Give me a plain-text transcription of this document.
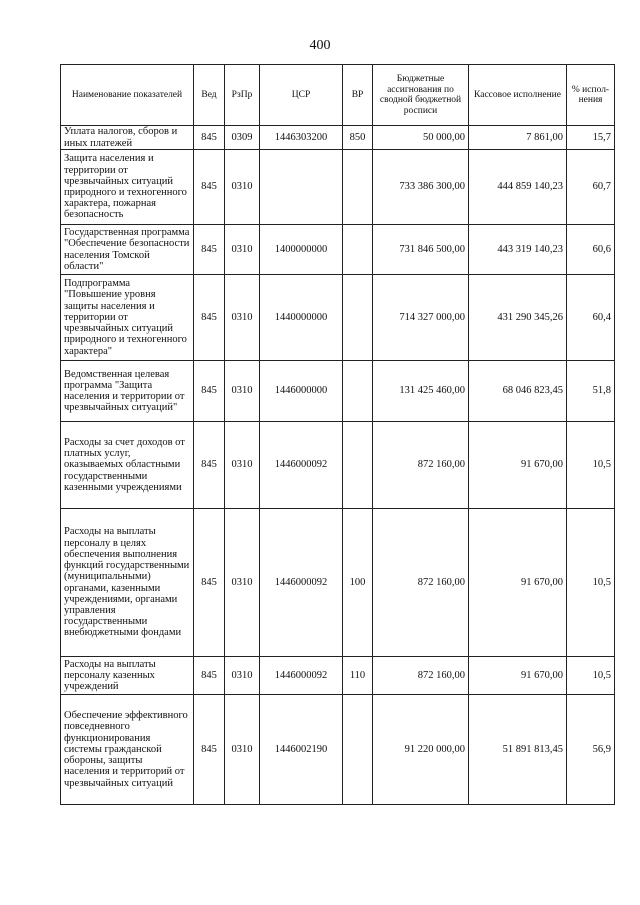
400
Наименование показателей	Вед	РзПр	ЦСР	ВР	Бюджетные ассигнования по сводной бюджетной росписи	Кассовое исполнение	% испол-нения
Уплата налогов, сборов и иных платежей	845	0309	1446303200	850	50 000,00	7 861,00	15,7
Защита населения и территории от чрезвычайных ситуаций природного и техногенного характера, пожарная безопасность	845	0310			733 386 300,00	444 859 140,23	60,7
Государственная программа "Обеспечение безопасности населения Томской области"	845	0310	1400000000		731 846 500,00	443 319 140,23	60,6
Подпрограмма "Повышение уровня защиты населения и территории от чрезвычайных ситуаций природного и техногенного характера"	845	0310	1440000000		714 327 000,00	431 290 345,26	60,4
Ведомственная целевая программа "Защита населения и территории от чрезвычайных ситуаций"	845	0310	1446000000		131 425 460,00	68 046 823,45	51,8
Расходы за счет доходов от платных услуг, оказываемых областными государственными казенными учреждениями	845	0310	1446000092		872 160,00	91 670,00	10,5
Расходы на выплаты персоналу в целях обеспечения выполнения функций государственными (муниципальными) органами, казенными учреждениями, органами управления государственными внебюджетными фондами	845	0310	1446000092	100	872 160,00	91 670,00	10,5
Расходы на выплаты персоналу казенных учреждений	845	0310	1446000092	110	872 160,00	91 670,00	10,5
Обеспечение эффективного повседневного функционирования системы гражданской обороны, защиты населения и территорий от чрезвычайных ситуаций	845	0310	1446002190		91 220 000,00	51 891 813,45	56,9
